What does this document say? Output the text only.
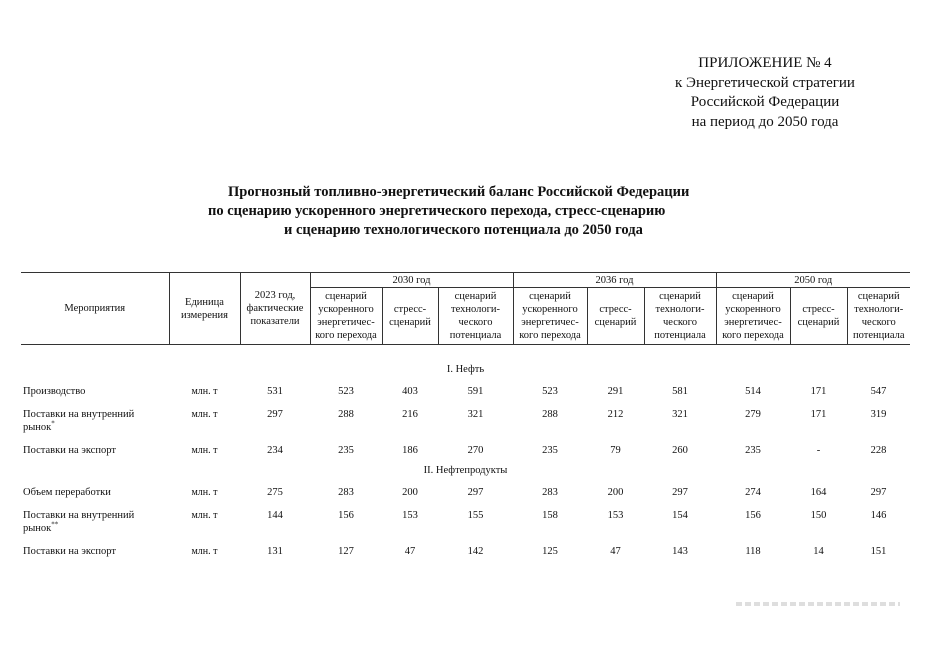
ПРИЛОЖЕНИЕ № 4
к Энергетической стратегии
Российской Федерации
на период до 2050 года
Прогнозный топливно-энергетический баланс Российской Федерации
по сценарию ускоренного энергетического перехода, стресс-сценарию
и сценарию технологического потенциала до 2050 года
Мероприятия	Единица измерения	2023 год, фактические показатели	2030 год			2036 год			2050 год		
			сценарий ускоренного энергетичес-кого перехода	стресс-сценарий	сценарий технологи-ческого потенциала	сценарий ускоренного энергетичес-кого перехода	стресс-сценарий	сценарий технологи-ческого потенциала	сценарий ускоренного энергетичес-кого перехода	стресс-сценарий	сценарий технологи-ческого потенциала

I. Нефть											
Производство	млн. т	531	523	403	591	523	291	581	514	171	547
Поставки на внутренний рынок*	млн. т	297	288	216	321	288	212	321	279	171	319
Поставки на экспорт	млн. т	234	235	186	270	235	79	260	235	-	228
II. Нефтепродукты											
Объем переработки	млн. т	275	283	200	297	283	200	297	274	164	297
Поставки на внутренний рынок**	млн. т	144	156	153	155	158	153	154	156	150	146
Поставки на экспорт	млн. т	131	127	47	142	125	47	143	118	14	151
